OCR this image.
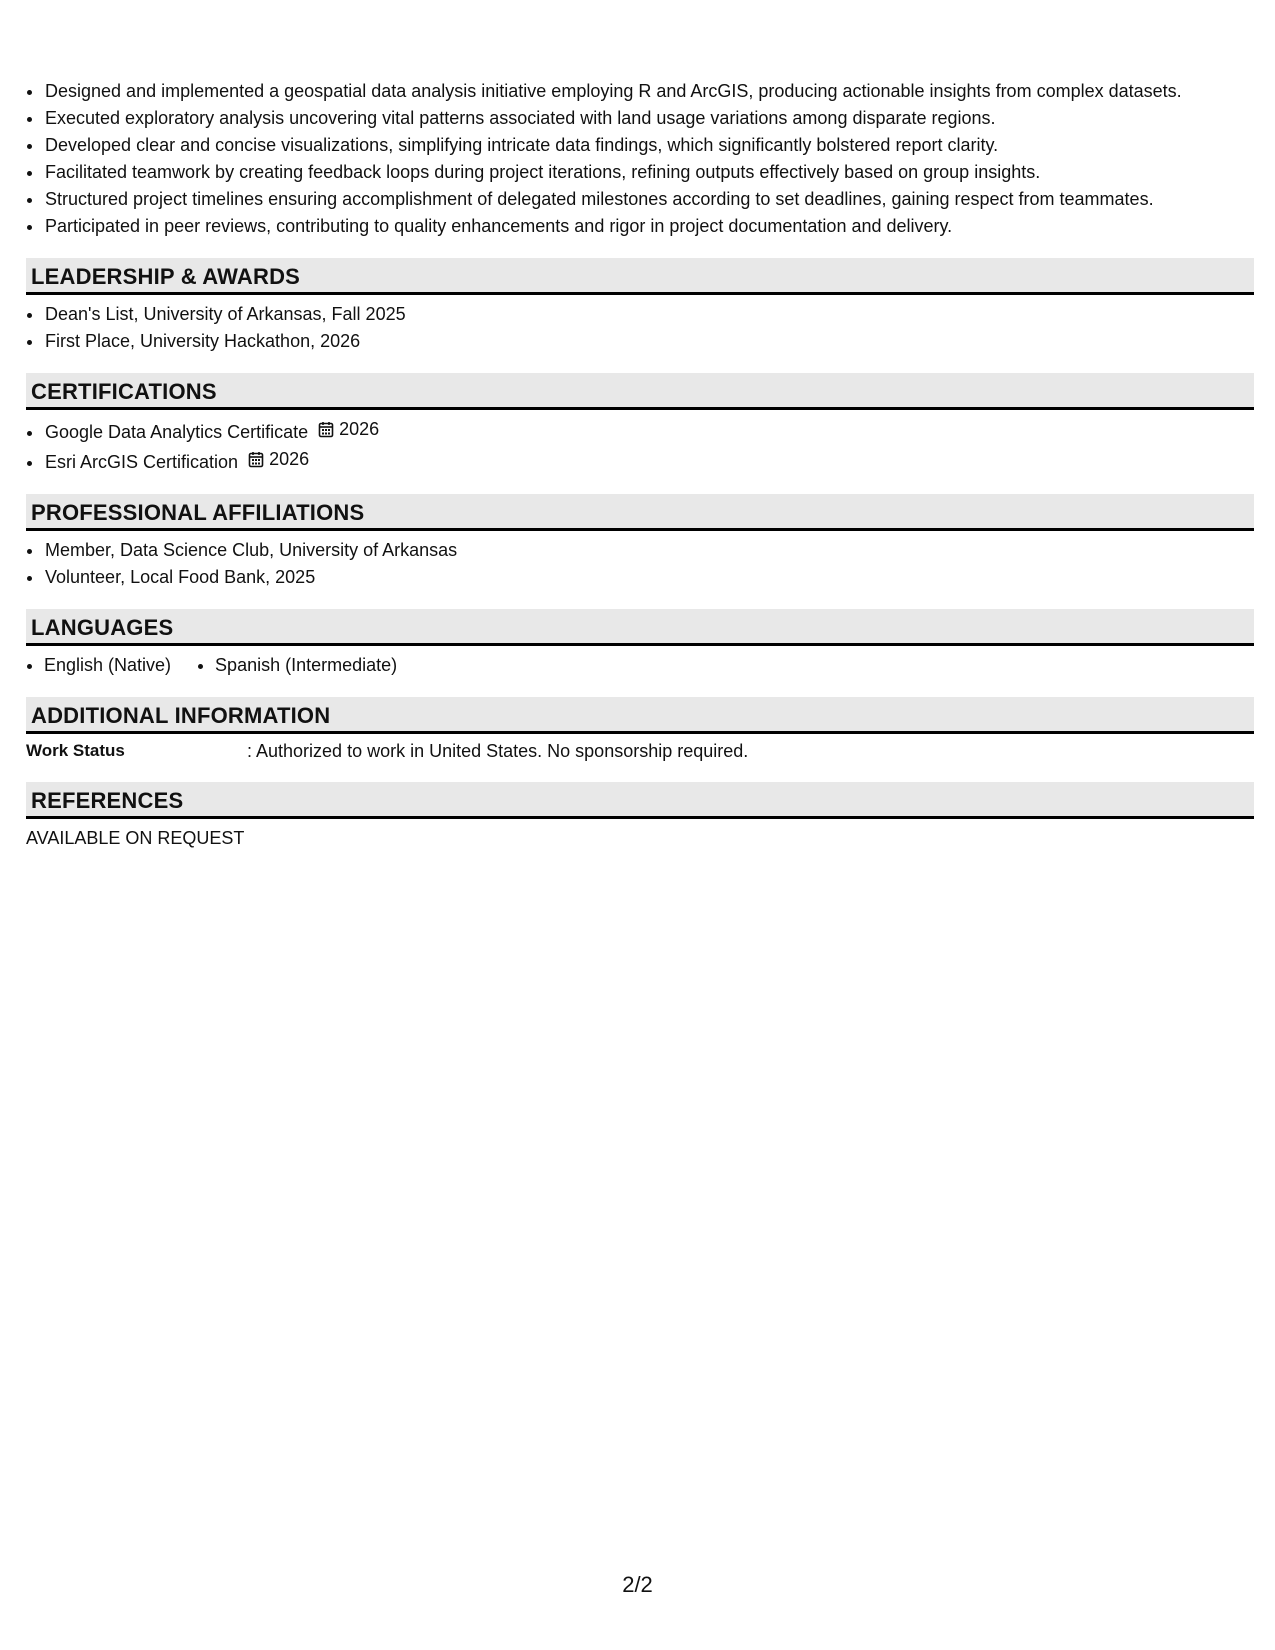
• Designed and implemented a geospatial data analysis initiative employing R and ArcGIS, producing actionable insights from complex datasets.
• Executed exploratory analysis uncovering vital patterns associated with land usage variations among disparate regions.
• Developed clear and concise visualizations, simplifying intricate data findings, which significantly bolstered report clarity.
• Facilitated teamwork by creating feedback loops during project iterations, refining outputs effectively based on group insights.
• Structured project timelines ensuring accomplishment of delegated milestones according to set deadlines, gaining respect from teammates.
• Participated in peer reviews, contributing to quality enhancements and rigor in project documentation and delivery.
LEADERSHIP & AWARDS
• Dean's List, University of Arkansas, Fall 2025
• First Place, University Hackathon, 2026
CERTIFICATIONS
• Google Data Analytics Certificate 2026
• Esri ArcGIS Certification 2026
PROFESSIONAL AFFILIATIONS
• Member, Data Science Club, University of Arkansas
• Volunteer, Local Food Bank, 2025
LANGUAGES
• English (Native)
• Spanish (Intermediate)
ADDITIONAL INFORMATION
Work Status	: Authorized to work in United States. No sponsorship required.
REFERENCES
AVAILABLE ON REQUEST
2/2
